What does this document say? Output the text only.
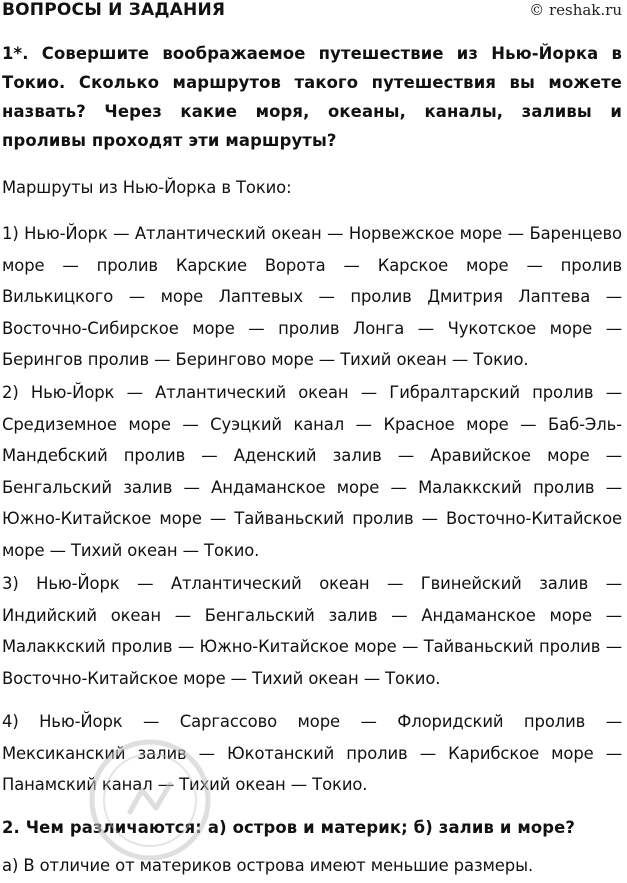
ВОПРОСЫ И ЗАДАНИЯ	© reshak.ru
1*. Совершите воображаемое путешествие из Нью-Йорка в Токио. Сколько маршрутов такого путешествия вы можете назвать? Через какие моря, океаны, каналы, заливы и проливы проходят эти маршруты?
Маршруты из Нью-Йорка в Токио:
1) Нью-Йорк — Атлантический океан — Норвежское море — Баренцево море — пролив Карские Ворота — Карское море — пролив Вилькицкого — море Лаптевых — пролив Дмитрия Лаптева — Восточно-Сибирское море — пролив Лонга — Чукотское море — Берингов пролив — Берингово море — Тихий океан — Токио.
2) Нью-Йорк — Атлантический океан — Гибралтарский пролив — Средиземное море — Суэцкий канал — Красное море — Баб-Эль-Мандебский пролив — Аденский залив — Аравийское море — Бенгальский залив — Андаманское море — Малаккский пролив — Южно-Китайское море — Тайваньский пролив — Восточно-Китайское море — Тихий океан — Токио.
3) Нью-Йорк — Атлантический океан — Гвинейский залив — Индийский океан — Бенгальский залив — Андаманское море — Малаккский пролив — Южно-Китайское море — Тайваньский пролив — Восточно-Китайское море — Тихий океан — Токио.
4) Нью-Йорк — Саргассово море — Флоридский пролив — Мексиканский залив — Юкотанский пролив — Карибское море — Панамский канал — Тихий океан — Токио.
2. Чем различаются: а) остров и материк; б) залив и море?
а) В отличие от материков острова имеют меньшие размеры.
